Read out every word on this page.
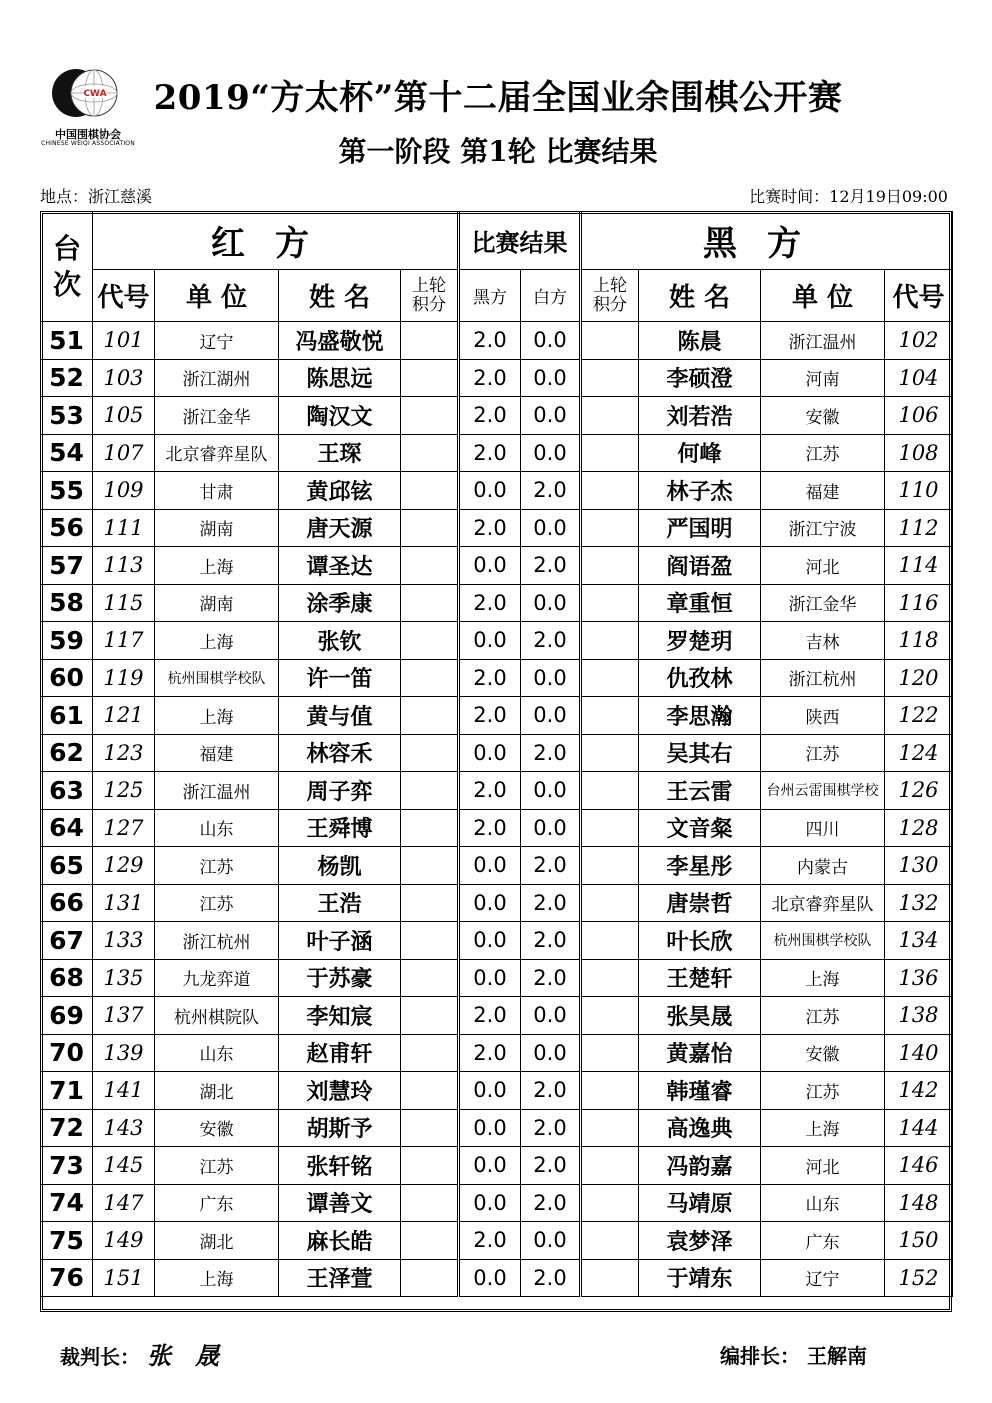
CWA
中国围棋协会
CHINESE WEIQI ASSOCIATION
2019“方太杯”第十二届全国业余围棋公开赛
第一阶段 第1轮 比赛结果
地点：浙江慈溪	比赛时间：12月19日09:00
台次	红方				比赛结果		黑方			
	代号	单 位	姓 名	上轮积分	黑方	白方	上轮积分	姓 名	单 位	代号
51	101	辽宁	冯盛敬悦		2.0	0.0		陈晨	浙江温州	102
52	103	浙江湖州	陈思远		2.0	0.0		李硕澄	河南	104
53	105	浙江金华	陶汉文		2.0	0.0		刘若浩	安徽	106
54	107	北京睿弈星队	王琛		2.0	0.0		何峰	江苏	108
55	109	甘肃	黄邱铉		0.0	2.0		林子杰	福建	110
56	111	湖南	唐天源		2.0	0.0		严国明	浙江宁波	112
57	113	上海	谭圣达		0.0	2.0		阎语盈	河北	114
58	115	湖南	涂季康		2.0	0.0		章重恒	浙江金华	116
59	117	上海	张钦		0.0	2.0		罗楚玥	吉林	118
60	119	杭州围棋学校队	许一笛		2.0	0.0		仇孜林	浙江杭州	120
61	121	上海	黄与值		2.0	0.0		李思瀚	陕西	122
62	123	福建	林容禾		0.0	2.0		吴其右	江苏	124
63	125	浙江温州	周子弈		2.0	0.0		王云雷	台州云雷围棋学校	126
64	127	山东	王舜博		2.0	0.0		文音粲	四川	128
65	129	江苏	杨凯		0.0	2.0		李星彤	内蒙古	130
66	131	江苏	王浩		0.0	2.0		唐崇哲	北京睿弈星队	132
67	133	浙江杭州	叶子涵		0.0	2.0		叶长欣	杭州围棋学校队	134
68	135	九龙弈道	于苏豪		0.0	2.0		王楚轩	上海	136
69	137	杭州棋院队	李知宸		2.0	0.0		张昊晟	江苏	138
70	139	山东	赵甫轩		2.0	0.0		黄嘉怡	安徽	140
71	141	湖北	刘慧玲		0.0	2.0		韩瑾睿	江苏	142
72	143	安徽	胡斯予		0.0	2.0		高逸典	上海	144
73	145	江苏	张轩铭		0.0	2.0		冯韵嘉	河北	146
74	147	广东	谭善文		0.0	2.0		马靖原	山东	148
75	149	湖北	麻长皓		2.0	0.0		袁梦泽	广东	150
76	151	上海	王泽萱		0.0	2.0		于靖东	辽宁	152
裁判长： 张晟	编排长： 王解南
